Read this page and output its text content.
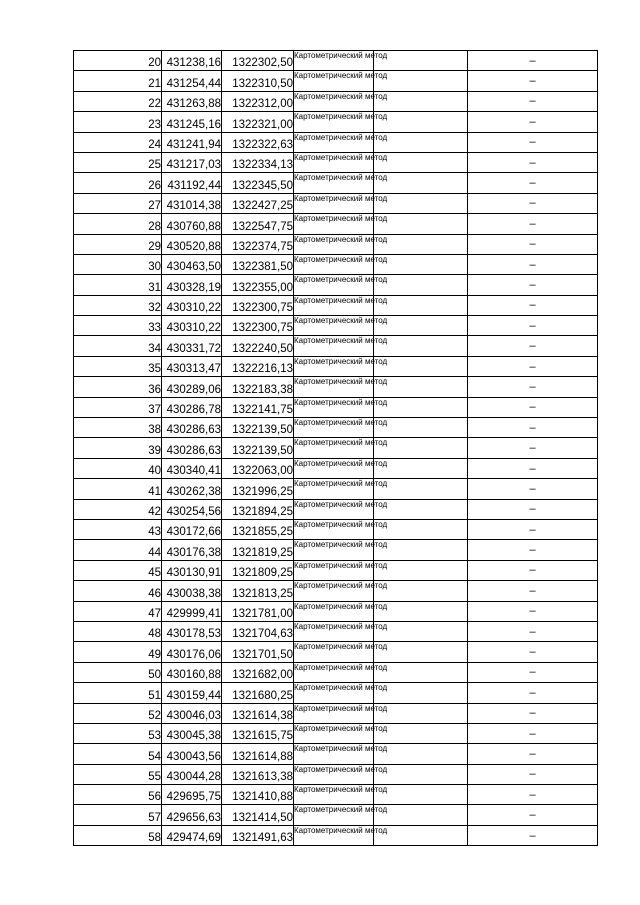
20	431238,16	1322302,50	Картометрический метод		–
21	431254,44	1322310,50	Картометрический метод		–
22	431263,88	1322312,00	Картометрический метод		–
23	431245,16	1322321,00	Картометрический метод		–
24	431241,94	1322322,63	Картометрический метод		–
25	431217,03	1322334,13	Картометрический метод		–
26	431192,44	1322345,50	Картометрический метод		–
27	431014,38	1322427,25	Картометрический метод		–
28	430760,88	1322547,75	Картометрический метод		–
29	430520,88	1322374,75	Картометрический метод		–
30	430463,50	1322381,50	Картометрический метод		–
31	430328,19	1322355,00	Картометрический метод		–
32	430310,22	1322300,75	Картометрический метод		–
33	430310,22	1322300,75	Картометрический метод		–
34	430331,72	1322240,50	Картометрический метод		–
35	430313,47	1322216,13	Картометрический метод		–
36	430289,06	1322183,38	Картометрический метод		–
37	430286,78	1322141,75	Картометрический метод		–
38	430286,63	1322139,50	Картометрический метод		–
39	430286,63	1322139,50	Картометрический метод		–
40	430340,41	1322063,00	Картометрический метод		–
41	430262,38	1321996,25	Картометрический метод		–
42	430254,56	1321894,25	Картометрический метод		–
43	430172,66	1321855,25	Картометрический метод		–
44	430176,38	1321819,25	Картометрический метод		–
45	430130,91	1321809,25	Картометрический метод		–
46	430038,38	1321813,25	Картометрический метод		–
47	429999,41	1321781,00	Картометрический метод		–
48	430178,53	1321704,63	Картометрический метод		–
49	430176,06	1321701,50	Картометрический метод		–
50	430160,88	1321682,00	Картометрический метод		–
51	430159,44	1321680,25	Картометрический метод		–
52	430046,03	1321614,38	Картометрический метод		–
53	430045,38	1321615,75	Картометрический метод		–
54	430043,56	1321614,88	Картометрический метод		–
55	430044,28	1321613,38	Картометрический метод		–
56	429695,75	1321410,88	Картометрический метод		–
57	429656,63	1321414,50	Картометрический метод		–
58	429474,69	1321491,63	Картометрический метод		–
